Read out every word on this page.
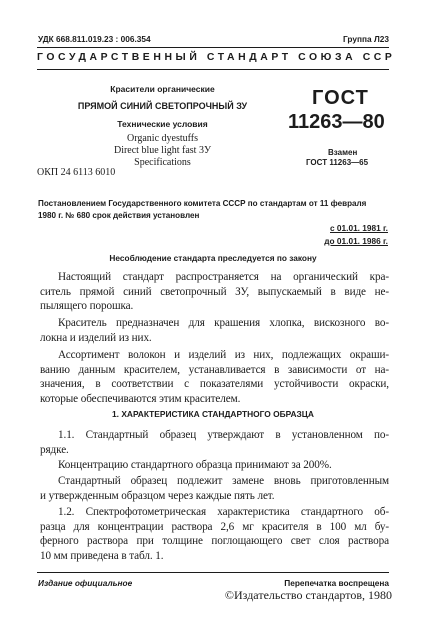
УДК 668.811.019.23 : 006.354	Группа Л23
ГОСУДАРСТВЕННЫЙ СТАНДАРТ СОЮЗА ССР
Красители органические
ПРЯМОЙ СИНИЙ СВЕТОПРОЧНЫЙ ЗУ
Технические условия
Organic dyestuffs
Direct blue light fast 3У
Specifications
ОКП 24 6113 6010
ГОСТ
11263—80
Взамен
ГОСТ 11263—65
Постановлением Государственного комитета СССР по стандартам от 11 февраля
1980 г. № 680 срок действия установлен
с 01.01. 1981 г.
до 01.01. 1986 г.
Несоблюдение стандарта преследуется по закону
Настоящий стандарт распространяется на органический кра-
ситель прямой синий светопрочный ЗУ, выпускаемый в виде не-
пылящего порошка.
Краситель предназначен для крашения хлопка, вискозного во-
локна и изделий из них.
Ассортимент волокон и изделий из них, подлежащих окраши-
ванию данным красителем, устанавливается в зависимости от на-
значения, в соответствии с показателями устойчивости окраски,
которые обеспечиваются этим красителем.
1. ХАРАКТЕРИСТИКА СТАНДАРТНОГО ОБРАЗЦА
1.1. Стандартный образец утверждают в установленном по-
рядке.
Концентрацию стандартного образца принимают за 200%.
Стандартный образец подлежит замене вновь приготовленным
и утвержденным образцом через каждые пять лет.
1.2. Спектрофотометрическая характеристика стандартного об-
разца для концентрации раствора 2,6 мг красителя в 100 мл бу-
ферного раствора при толщине поглощающего свет слоя раствора
10 мм приведена в табл. 1.
Издание официальное	Перепечатка воспрещена
©Издательство стандартов, 1980
